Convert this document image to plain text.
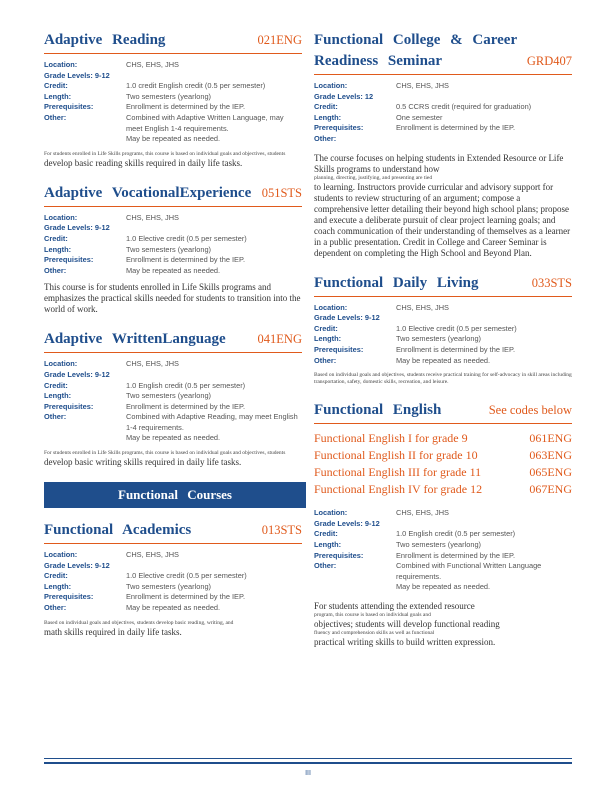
Adaptive Reading	021ENG
Location:	CHS, EHS, JHS
Grade Levels: 9-12
Credit:	1.0 credit English credit (0.5 per semester)
Length:	Two semesters (yearlong)
Prerequisites:	Enrollment is determined by the IEP.
Other:	Combined with Adaptive Written Language, may meet English 1-4 requirements.
May be repeated as needed.
For students enrolled in Life Skills programs, this course is based on individual goals and objectives, students
develop basic reading skills required in daily life tasks.
Adaptive VocationalExperience 051STS
Location:	CHS, EHS, JHS
Grade Levels: 9-12
Credit:	1.0 Elective credit (0.5 per semester)
Length:	Two semesters (yearlong)
Prerequisites:	Enrollment is determined by the IEP.
Other:	May be repeated as needed.
This course is for students enrolled in Life Skills programs and emphasizes the practical skills needed for students to transition into the world of work.
Adaptive WrittenLanguage	041ENG
Location:	CHS, EHS, JHS
Grade Levels: 9-12
Credit:	1.0 English credit (0.5 per semester)
Length:	Two semesters (yearlong)
Prerequisites:	Enrollment is determined by the IEP.
Other:	Combined with Adaptive Reading, may meet English 1-4 requirements.
May be repeated as needed.
For students enrolled in Life Skills programs, this course is based on individual goals and objectives, students
develop basic writing skills required in daily life tasks.
Functional Courses
Functional Academics	013STS
Location:	CHS, EHS, JHS
Grade Levels: 9-12
Credit:	1.0 Elective credit (0.5 per semester)
Length:	Two semesters (yearlong)
Prerequisites:	Enrollment is determined by the IEP.
Other:	May be repeated as needed.
Based on individual goals and objectives, students develop basic reading, writing, and
math skills required in daily life tasks.
Functional College & Career
Readiness Seminar	GRD407
Location:	CHS, EHS, JHS
Grade Levels: 12
Credit:	0.5 CCRS credit (required for graduation)
Length:	One semester
Prerequisites:	Enrollment is determined by the IEP.
Other:
The course focuses on helping students in Extended Resource or Life Skills programs to understand how
planning, directing, justifying, and presenting are tied
to learning. Instructors provide curricular and advisory support for students to review structuring of an argument; compose a comprehensive letter detailing their beyond high school plans; propose and execute a deliberate pursuit of clear project learning goals; and coach communication of their understanding of themselves as a learner in a public presentation. Credit in College and Career Seminar is dependent on completing the High School and Beyond Plan.
Functional Daily Living	033STS
Location:	CHS, EHS, JHS
Grade Levels: 9-12
Credit:	1.0 Elective credit (0.5 per semester)
Length:	Two semesters (yearlong)
Prerequisites:	Enrollment is determined by the IEP.
Other:	May be repeated as needed.
Based on individual goals and objectives, students receive practical training for self-advocacy in skill areas including transportation, safety, domestic skills, recreation, and leisure.
Functional English	See codes below
Functional English I for grade 9	061ENG
Functional English II for grade 10	063ENG
Functional English III for grade 11	065ENG
Functional English IV for grade 12	067ENG
Location:	CHS, EHS, JHS
Grade Levels: 9-12
Credit:	1.0 English credit (0.5 per semester)
Length:	Two semesters (yearlong)
Prerequisites:	Enrollment is determined by the IEP.
Other:	Combined with Functional Written Language requirements.
May be repeated as needed.
For students attending the extended resource
program, this course is based on individual goals and
objectives; students will develop functional reading
fluency and comprehension skills as well as functional
practical writing skills to build written expression.
III
